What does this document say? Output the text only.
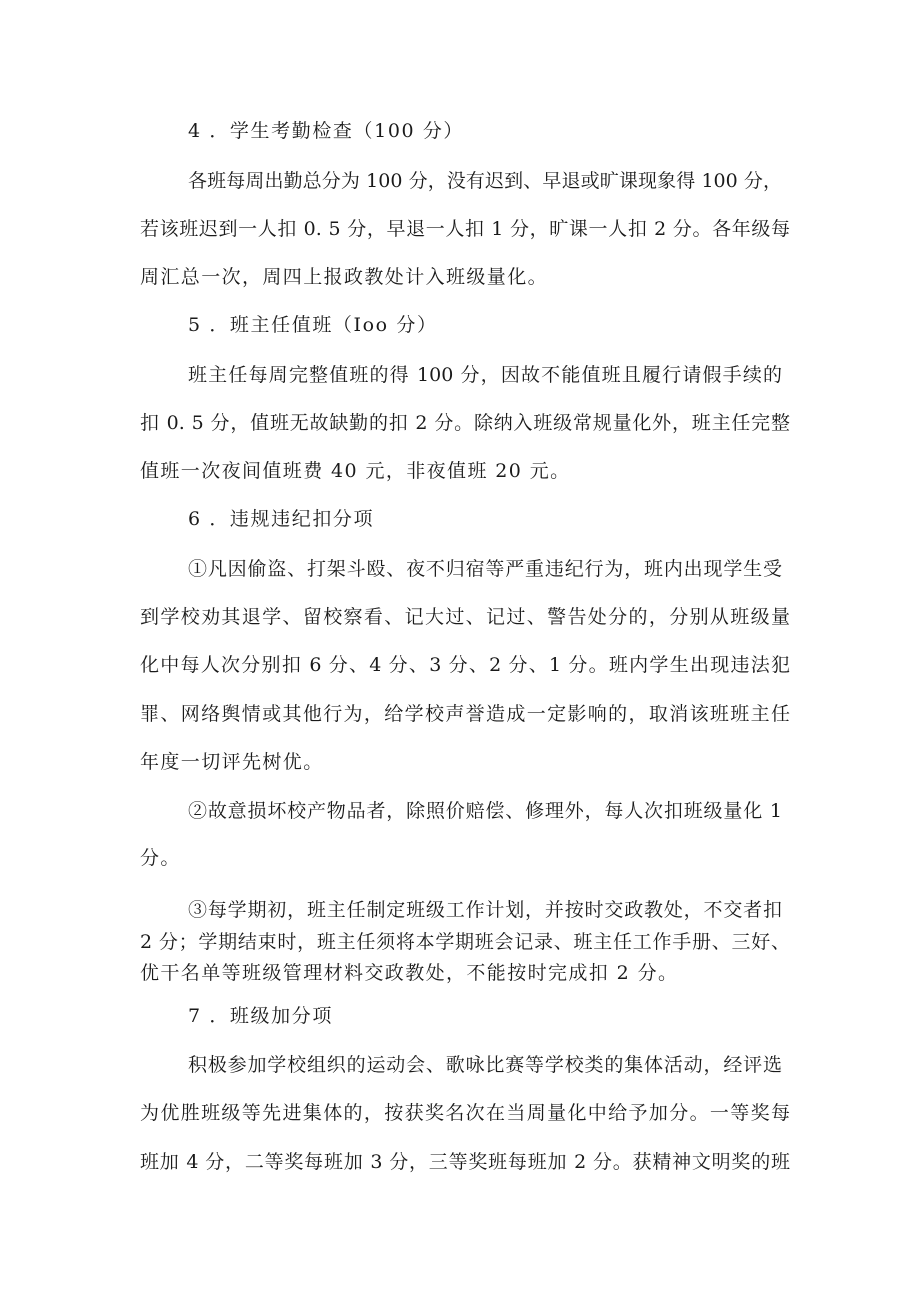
4 ．学生考勤检查（100 分）
各班每周出勤总分为 100 分，没有迟到、早退或旷课现象得 100 分，
若该班迟到一人扣 0. 5 分，早退一人扣 1 分，旷课一人扣 2 分。各年级每
周汇总一次，周四上报政教处计入班级量化。
5 ．班主任值班（Ioo 分）
班主任每周完整值班的得 100 分，因故不能值班且履行请假手续的
扣 0. 5 分，值班无故缺勤的扣 2 分。除纳入班级常规量化外，班主任完整
值班一次夜间值班费 40 元，非夜值班 20 元。
6 ．违规违纪扣分项
①凡因偷盗、打架斗殴、夜不归宿等严重违纪行为，班内出现学生受
到学校劝其退学、留校察看、记大过、记过、警告处分的，分别从班级量
化中每人次分别扣 6 分、4 分、3 分、2 分、1 分。班内学生出现违法犯
罪、网络舆情或其他行为，给学校声誉造成一定影响的，取消该班班主任
年度一切评先树优。
②故意损坏校产物品者，除照价赔偿、修理外，每人次扣班级量化 1
分。
③每学期初，班主任制定班级工作计划，并按时交政教处，不交者扣
2 分；学期结束时，班主任须将本学期班会记录、班主任工作手册、三好、
优干名单等班级管理材料交政教处，不能按时完成扣 2 分。
7 ．班级加分项
积极参加学校组织的运动会、歌咏比赛等学校类的集体活动，经评选
为优胜班级等先进集体的，按获奖名次在当周量化中给予加分。一等奖每
班加 4 分，二等奖每班加 3 分，三等奖班每班加 2 分。获精神文明奖的班
